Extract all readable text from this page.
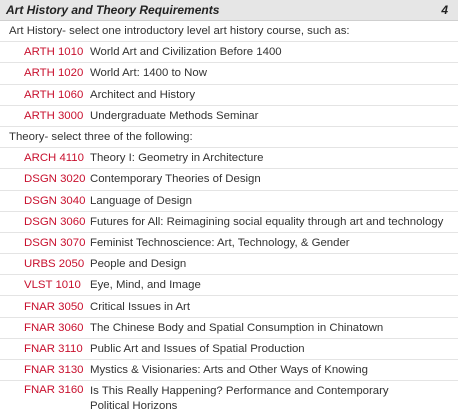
Art History and Theory Requirements	4
Art History- select one introductory level art history course, such as:
ARTH 1010 World Art and Civilization Before 1400
ARTH 1020 World Art: 1400 to Now
ARTH 1060 Architect and History
ARTH 3000 Undergraduate Methods Seminar
Theory- select three of the following:
ARCH 4110 Theory I: Geometry in Architecture
DSGN 3020 Contemporary Theories of Design
DSGN 3040 Language of Design
DSGN 3060 Futures for All: Reimagining social equality through art and technology
DSGN 3070 Feminist Technoscience: Art, Technology, & Gender
URBS 2050 People and Design
VLST 1010 Eye, Mind, and Image
FNAR 3050 Critical Issues in Art
FNAR 3060 The Chinese Body and Spatial Consumption in Chinatown
FNAR 3110 Public Art and Issues of Spatial Production
FNAR 3130 Mystics & Visionaries: Arts and Other Ways of Knowing
FNAR 3160 Is This Really Happening? Performance and Contemporary Political Horizons
